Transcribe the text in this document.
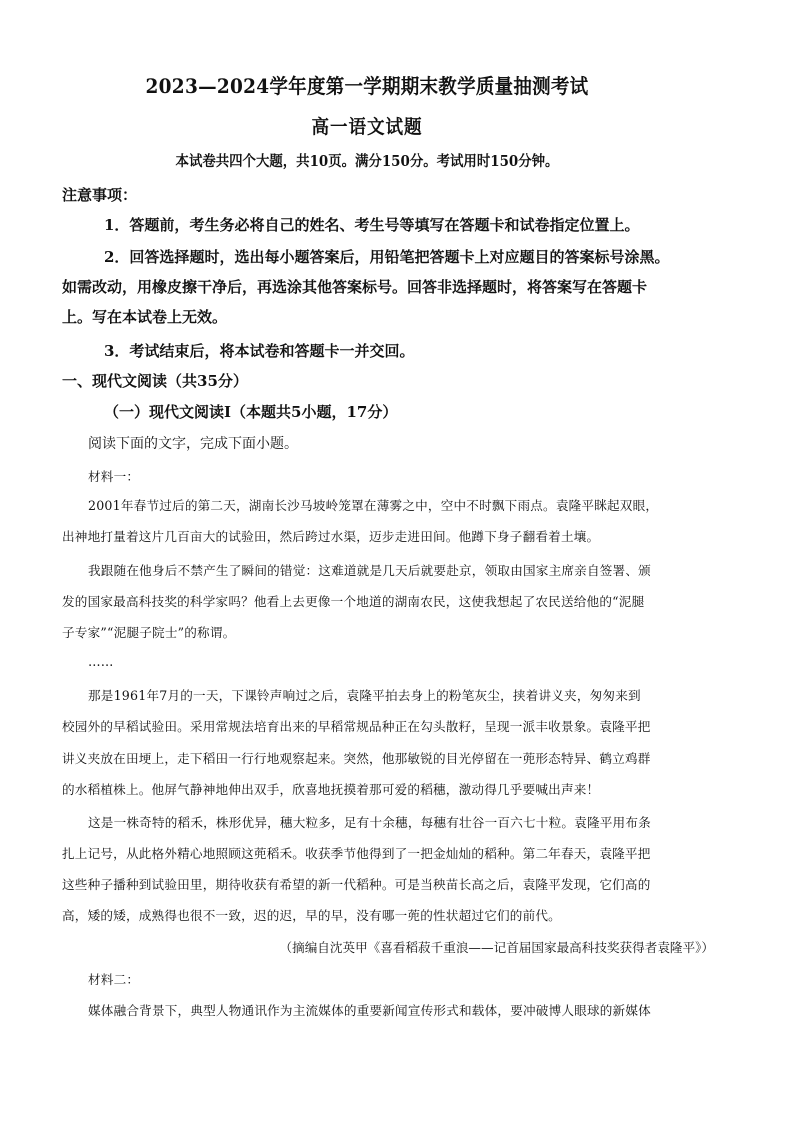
2023—2024学年度第一学期期末教学质量抽测考试
高一语文试题
本试卷共四个大题，共10页。满分150分。考试用时150分钟。
注意事项：
1．答题前，考生务必将自己的姓名、考生号等填写在答题卡和试卷指定位置上。
2．回答选择题时，选出每小题答案后，用铅笔把答题卡上对应题目的答案标号涂黑。
如需改动，用橡皮擦干净后，再选涂其他答案标号。回答非选择题时，将答案写在答题卡
上。写在本试卷上无效。
3．考试结束后，将本试卷和答题卡一并交回。
一、现代文阅读（共35分）
（一）现代文阅读Ⅰ（本题共5小题，17分）
阅读下面的文字，完成下面小题。
材料一：
2001年春节过后的第二天，湖南长沙马坡岭笼罩在薄雾之中，空中不时飘下雨点。袁隆平眯起双眼，
出神地打量着这片几百亩大的试验田，然后跨过水渠，迈步走进田间。他蹲下身子翻看着土壤。
我跟随在他身后不禁产生了瞬间的错觉：这难道就是几天后就要赴京，领取由国家主席亲自签署、颁
发的国家最高科技奖的科学家吗？他看上去更像一个地道的湖南农民，这使我想起了农民送给他的“泥腿
子专家”“泥腿子院士”的称谓。
……
那是1961年7月的一天，下课铃声响过之后，袁隆平拍去身上的粉笔灰尘，挟着讲义夹，匆匆来到
校园外的早稻试验田。采用常规法培育出来的早稻常规品种正在勾头散籽，呈现一派丰收景象。袁隆平把
讲义夹放在田埂上，走下稻田一行行地观察起来。突然，他那敏锐的目光停留在一蔸形态特异、鹤立鸡群
的水稻植株上。他屏气静神地伸出双手，欣喜地抚摸着那可爱的稻穗，激动得几乎要喊出声来！
这是一株奇特的稻禾，株形优异，穗大粒多，足有十余穗，每穗有壮谷一百六七十粒。袁隆平用布条
扎上记号，从此格外精心地照顾这蔸稻禾。收获季节他得到了一把金灿灿的稻种。第二年春天，袁隆平把
这些种子播种到试验田里，期待收获有希望的新一代稻种。可是当秧苗长高之后，袁隆平发现，它们高的
高，矮的矮，成熟得也很不一致，迟的迟，早的早，没有哪一蔸的性状超过它们的前代。
（摘编自沈英甲《喜看稻菽千重浪——记首届国家最高科技奖获得者袁隆平》）
材料二：
媒体融合背景下，典型人物通讯作为主流媒体的重要新闻宣传形式和载体，要冲破博人眼球的新媒体
